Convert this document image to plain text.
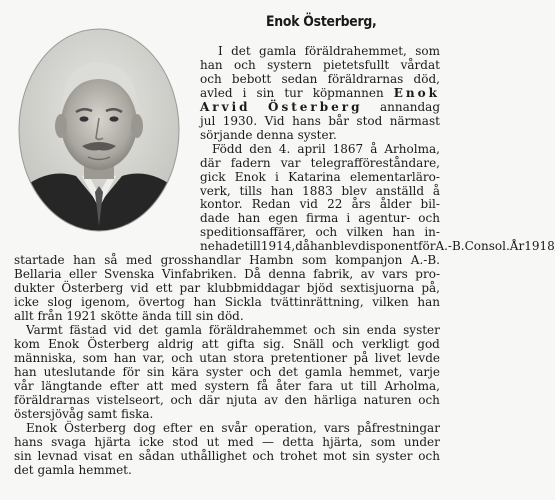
Enok Österberg,
I det gamla föräldrahemmet, som
han och systern pietetsfullt vårdat
och bebott sedan föräldrarnas död,
avled i sin tur köpmannen Enok
Arvid Österberg annandag
jul 1930. Vid hans bår stod närmast
sörjande
denna
syster.
Född den 4. april 1867 å Arholma,
där fadern var telegrafföreståndare,
gick Enok i Katarina elementarläro-
verk, tills han 1883 blev anställd å
kontor. Redan vid 22 års ålder bil-
dade han egen firma i agentur- och
speditionsaffärer, och vilken han in-
nehade till 1914, då han blev disponent för A.-B. Consol. År 1918
startade han så med grosshandlar Hambn som kompanjon A.-B.
Bellaria eller Svenska Vinfabriken. Då denna fabrik, av vars pro-
dukter Österberg vid ett par klubbmiddagar bjöd sextisjuorna på,
icke slog igenom, övertog han Sickla tvättinrättning, vilken han
allt
från
1921
skötte
ända
till
sin
död.
Varmt fästad vid det gamla föräldrahemmet och sin enda syster
kom Enok Österberg aldrig att gifta sig. Snäll och verkligt god
människa, som han var, och utan stora pretentioner på livet levde
han uteslutande för sin kära syster och det gamla hemmet, varje
vår längtande efter att med systern få åter fara ut till Arholma,
föräldrarnas vistelseort, och där njuta av den härliga naturen och
östersjövåg
samt
fiska.
Enok Österberg dog efter en svår operation, vars påfrestningar
hans svaga hjärta icke stod ut med — detta hjärta, som under
sin levnad visat en sådan uthållighet och trohet mot sin syster och
det
gamla
hemmet.
